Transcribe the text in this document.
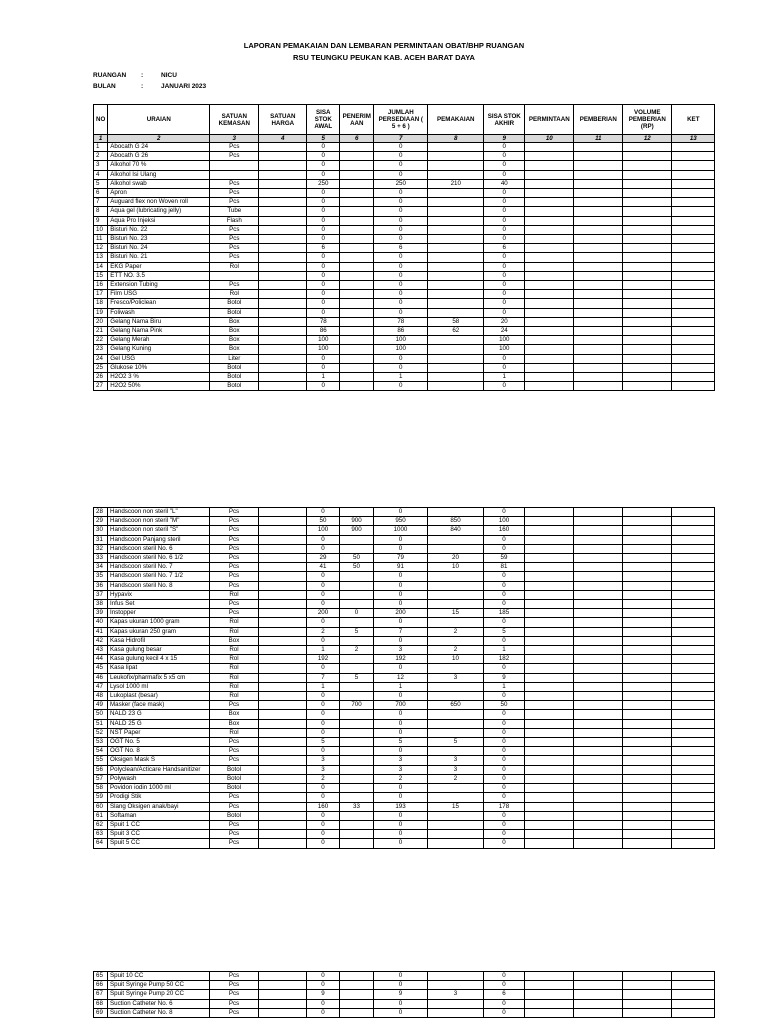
LAPORAN PEMAKAIAN DAN LEMBARAN PERMINTAAN OBAT/BHP RUANGAN
RSU TEUNGKU PEUKAN KAB. ACEH BARAT DAYA
RUANGAN :	NICU
BULAN	:	JANUARI 2023
NO	URAIAN	SATUAN KEMASAN	SATUAN HARGA	SISA STOK AWAL	PENERIM AAN	JUMLAH PERSEDIAAN ( 5 + 6 )	PEMAKAIAN	SISA STOK AKHIR	PERMINTAAN	PEMBERIAN	VOLUME PEMBERIAN (RP)	KET
1	2	3	4	5	6	7	8	9	10	11	12	13
1	Abocath G 24	Pcs		0		0		0				
2	Abocath G 26	Pcs		0		0		0				
3	Alkohol 70 %			0		0		0				
4	Alkohol Isi Ulang			0		0		0				
5	Alkohol swab	Pcs		250		250	210	40				
6	Apron	Pcs		0		0		0				
7	Auguard flex non Woven roll	Pcs		0		0		0				
8	Aqua gel (lubricating jelly)	Tube		0		0		0				
9	Aqua Pro Injeksi	Flash		0		0		0				
10	Bisturi No. 22	Pcs		0		0		0				
11	Bisturi No. 23	Pcs		0		0		0				
12	Bisturi No. 24	Pcs		6		6		6				
13	Bisturi No. 21	Pcs		0		0		0				
14	EKG Paper	Rol		0		0		0				
15	ETT NO. 3.5			0		0		0				
16	Extension Tubing	Pcs		0		0		0				
17	Film USG	Rol		0		0		0				
18	Fresco/Policlean	Botol		0		0		0				
19	Foliwash	Botol		0		0		0				
20	Gelang Nama Biru	Box		78		78	58	20				
21	Gelang Nama Pink	Box		86		86	62	24				
22	Gelang Merah	Box		100		100		100				
23	Gelang Kuning	Box		100		100		100				
24	Gel USG	Liter		0		0		0				
25	Glukose 10%	Botol		0		0		0				
26	H2O2 3 %	Botol		1		1		1				
27	H2O2 50%	Botol		0		0		0				
28	Handscoon non steril "L"	Pcs		0		0		0				
29	Handscoon non steril "M"	Pcs		50	900	950	850	100				
30	Handscoon non steril "S"	Pcs		100	900	1000	840	160				
31	Handscoon Panjang steril	Pcs		0		0		0				
32	Handscoon steril No. 6	Pcs		0		0		0				
33	Handscoon steril No. 6 1/2	Pcs		29	50	79	20	59				
34	Handscoon steril No. 7	Pcs		41	50	91	10	81				
35	Handscoon steril No. 7 1/2	Pcs		0		0		0				
36	Handscoon steril No. 8	Pcs		0		0		0				
37	Hypavix	Rol		0		0		0				
38	Infus Set	Pcs		0		0		0				
39	Instopper	Pcs		200	0	200	15	185				
40	Kapas ukuran 1000 gram	Rol		0		0		0				
41	Kapas ukuran 250 gram	Rol		2	5	7	2	5				
42	Kasa Hidrofil	Box		0		0		0				
43	Kasa gulung besar	Rol		1	2	3	2	1				
44	Kasa gulung kecil 4 x 15	Rol		192		192	10	182				
45	Kasa lipat	Rol		0		0		0				
46	Leukofix/pharmafix 5 x5 cm	Rol		7	5	12	3	9				
47	Lysol 1000 ml	Rol		1		1		1				
48	Lukoplast (besar)	Rol		0		0		0				
49	Masker (face mask)	Pcs		0	700	700	650	50				
50	NALD 23 G	Box		0		0		0				
51	NALD 25 G	Box		0		0		0				
52	NST Paper	Rol		0		0		0				
53	OGT No. 5	Pcs		5		5	5	0				
54	OGT No. 8	Pcs		0		0		0				
55	Oksigen Mask S	Pcs		3		3	3	0				
56	Polyclean/Acticare Handsanitizer	Botol		3		3	3	0				
57	Polywash	Botol		2		2	2	0				
58	Povidon iodin 1000 ml	Botol		0		0		0				
59	Prodigi Stik	Pcs		0		0		0				
60	Slang Oksigen anak/bayi	Pcs		160	33	193	15	178				
61	Softaman	Botol		0		0		0				
62	Spuit 1 CC	Pcs		0		0		0				
63	Spuit 3 CC	Pcs		0		0		0				
64	Spuit 5 CC	Pcs		0		0		0				
65	Spuit 10 CC	Pcs		0		0		0				
66	Spuit Syringe Pump 50 CC	Pcs		0		0		0				
67	Spuit Syringe Pump 20 CC	Pcs		9		9	3	6				
68	Suction Catheter No. 6	Pcs		0		0		0				
69	Suction Catheter No. 8	Pcs		0		0		0				
